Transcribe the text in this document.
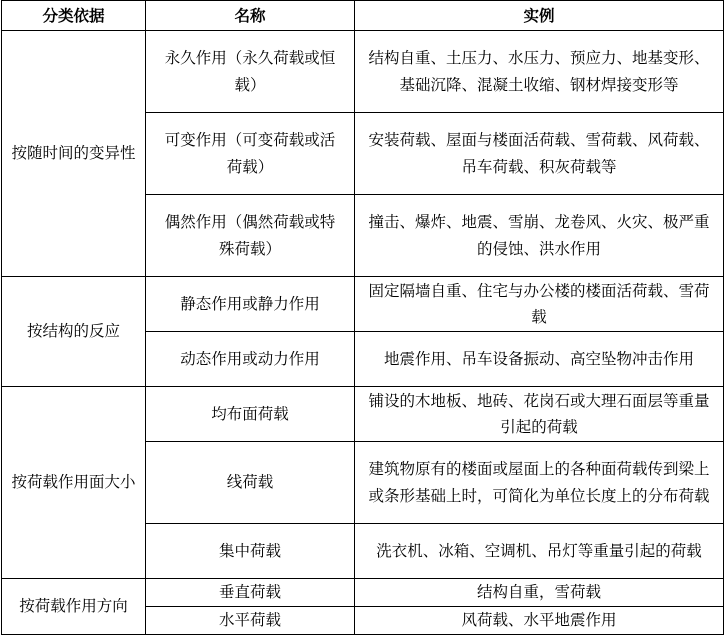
分类依据	名称	实例
按随时间的变异性	永久作用（永久荷载或恒载）	结构自重、土压力、水压力、预应力、地基变形、基础沉降、混凝土收缩、钢材焊接变形等
	可变作用（可变荷载或活荷载）	安装荷载、屋面与楼面活荷载、雪荷载、风荷载、吊车荷载、积灰荷载等
	偶然作用（偶然荷载或特殊荷载）	撞击、爆炸、地震、雪崩、龙卷风、火灾、极严重的侵蚀、洪水作用
按结构的反应	静态作用或静力作用	固定隔墙自重、住宅与办公楼的楼面活荷载、雪荷载
	动态作用或动力作用	地震作用、吊车设备振动、高空坠物冲击作用
按荷载作用面大小	均布面荷载	铺设的木地板、地砖、花岗石或大理石面层等重量引起的荷载
	线荷载	建筑物原有的楼面或屋面上的各种面荷载传到梁上或条形基础上时，可简化为单位长度上的分布荷载
	集中荷载	洗衣机、冰箱、空调机、吊灯等重量引起的荷载
按荷载作用方向	垂直荷载	结构自重，雪荷载
	水平荷载	风荷载、水平地震作用
